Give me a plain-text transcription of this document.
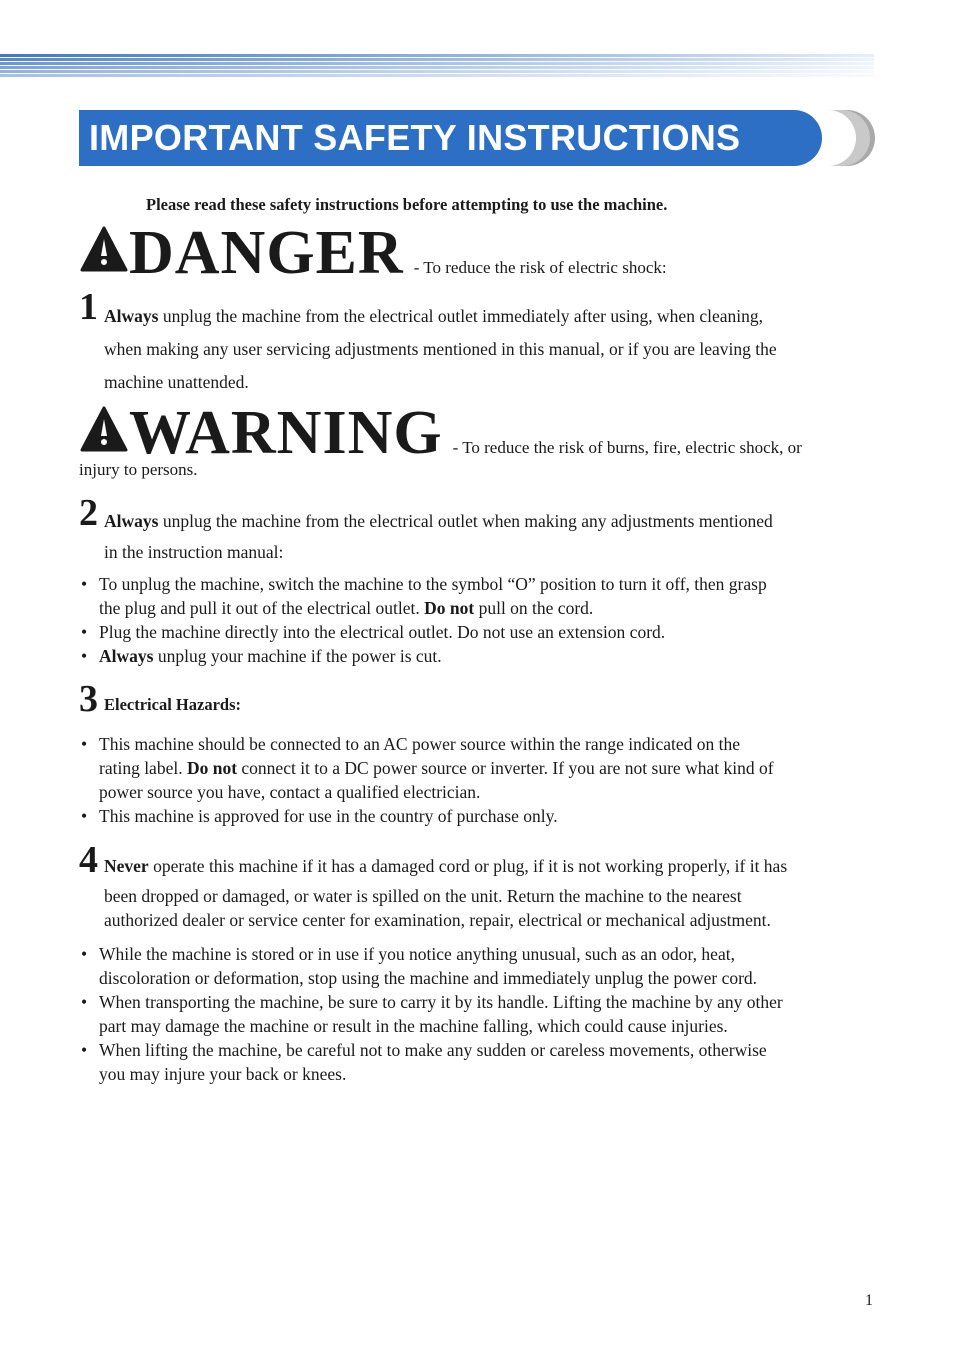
IMPORTANT SAFETY INSTRUCTIONS
Please read these safety instructions before attempting to use the machine.
DANGER - To reduce the risk of electric shock:
1 Always unplug the machine from the electrical outlet immediately after using, when cleaning,
when making any user servicing adjustments mentioned in this manual, or if you are leaving the
machine unattended.
WARNING - To reduce the risk of burns, fire, electric shock, or
injury to persons.
2 Always unplug the machine from the electrical outlet when making any adjustments mentioned
in the instruction manual:
• To unplug the machine, switch the machine to the symbol “O” position to turn it off, then grasp
the plug and pull it out of the electrical outlet. Do not pull on the cord.
• Plug the machine directly into the electrical outlet. Do not use an extension cord.
• Always unplug your machine if the power is cut.
3 Electrical Hazards:
• This machine should be connected to an AC power source within the range indicated on the
rating label. Do not connect it to a DC power source or inverter. If you are not sure what kind of
power source you have, contact a qualified electrician.
• This machine is approved for use in the country of purchase only.
4 Never operate this machine if it has a damaged cord or plug, if it is not working properly, if it has
been dropped or damaged, or water is spilled on the unit. Return the machine to the nearest
authorized dealer or service center for examination, repair, electrical or mechanical adjustment.
• While the machine is stored or in use if you notice anything unusual, such as an odor, heat,
discoloration or deformation, stop using the machine and immediately unplug the power cord.
• When transporting the machine, be sure to carry it by its handle. Lifting the machine by any other
part may damage the machine or result in the machine falling, which could cause injuries.
• When lifting the machine, be careful not to make any sudden or careless movements, otherwise
you may injure your back or knees.
1
